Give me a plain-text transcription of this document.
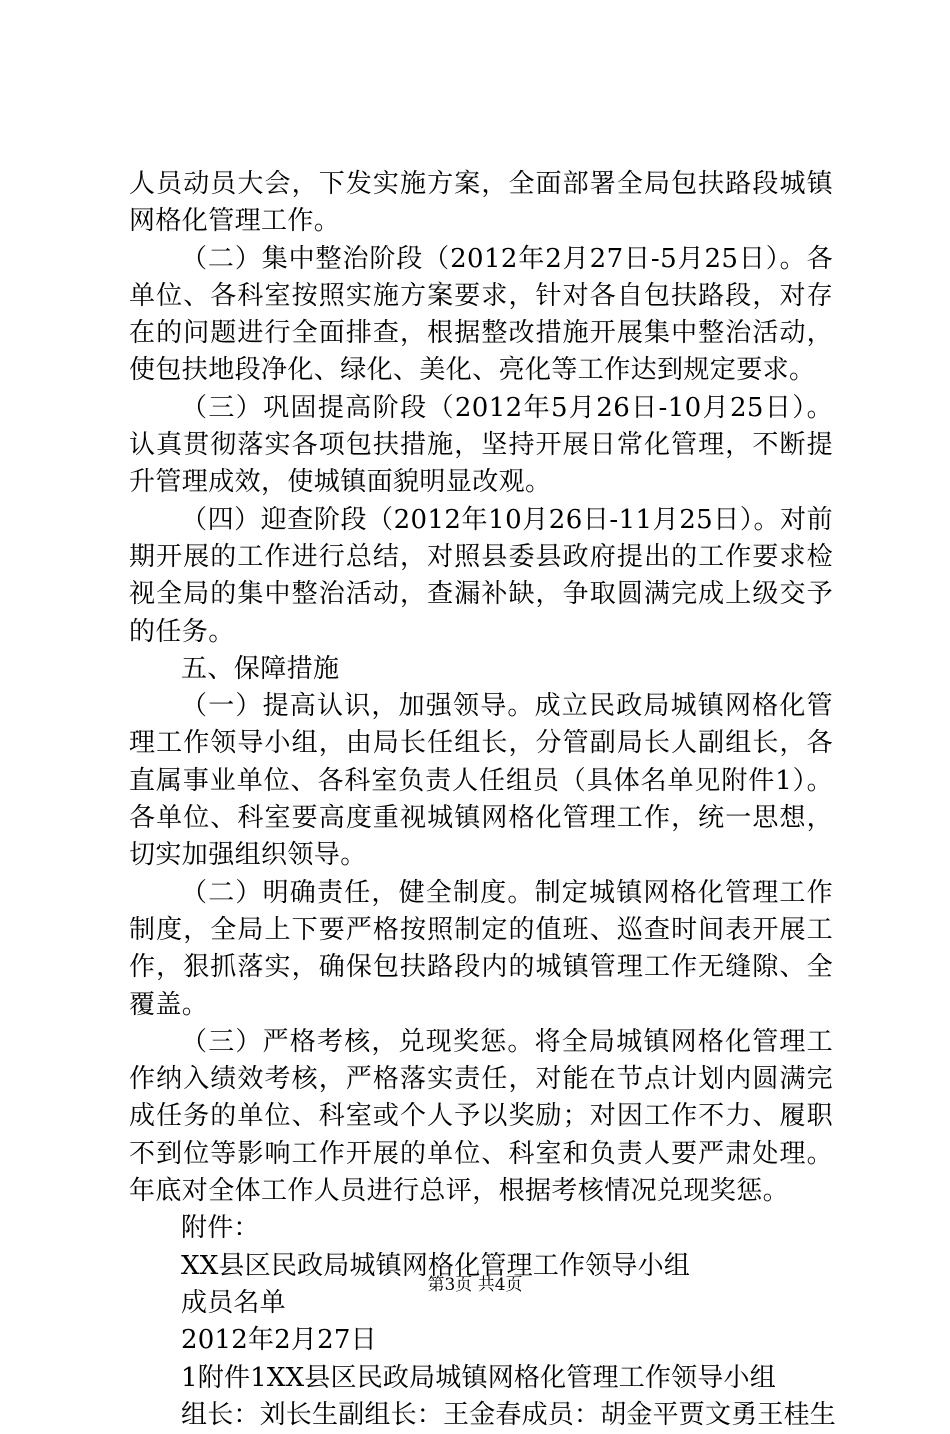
人员动员大会，下发实施方案，全面部署全局包扶路段城镇网格化管理工作。

（二）集中整治阶段（2012年2月27日-5月25日）。各单位、各科室按照实施方案要求，针对各自包扶路段，对存在的问题进行全面排查，根据整改措施开展集中整治活动，使包扶地段净化、绿化、美化、亮化等工作达到规定要求。

（三）巩固提高阶段（2012年5月26日-10月25日）。认真贯彻落实各项包扶措施，坚持开展日常化管理，不断提升管理成效，使城镇面貌明显改观。

（四）迎查阶段（2012年10月26日-11月25日）。对前期开展的工作进行总结，对照县委县政府提出的工作要求检视全局的集中整治活动，查漏补缺，争取圆满完成上级交予的任务。

五、保障措施

（一）提高认识，加强领导。成立民政局城镇网格化管理工作领导小组，由局长任组长，分管副局长人副组长，各直属事业单位、各科室负责人任组员（具体名单见附件1）。各单位、科室要高度重视城镇网格化管理工作，统一思想，切实加强组织领导。

（二）明确责任，健全制度。制定城镇网格化管理工作制度，全局上下要严格按照制定的值班、巡查时间表开展工作，狠抓落实，确保包扶路段内的城镇管理工作无缝隙、全覆盖。

（三）严格考核，兑现奖惩。将全局城镇网格化管理工作纳入绩效考核，严格落实责任，对能在节点计划内圆满完成任务的单位、科室或个人予以奖励；对因工作不力、履职不到位等影响工作开展的单位、科室和负责人要严肃处理。年底对全体工作人员进行总评，根据考核情况兑现奖惩。

附件：

XX县区民政局城镇网格化管理工作领导小组

成员名单

2012年2月27日

1附件1XX县区民政局城镇网格化管理工作领导小组

组长：刘长生副组长：王金春成员：胡金平贾文勇王桂生

第3页 共4页
